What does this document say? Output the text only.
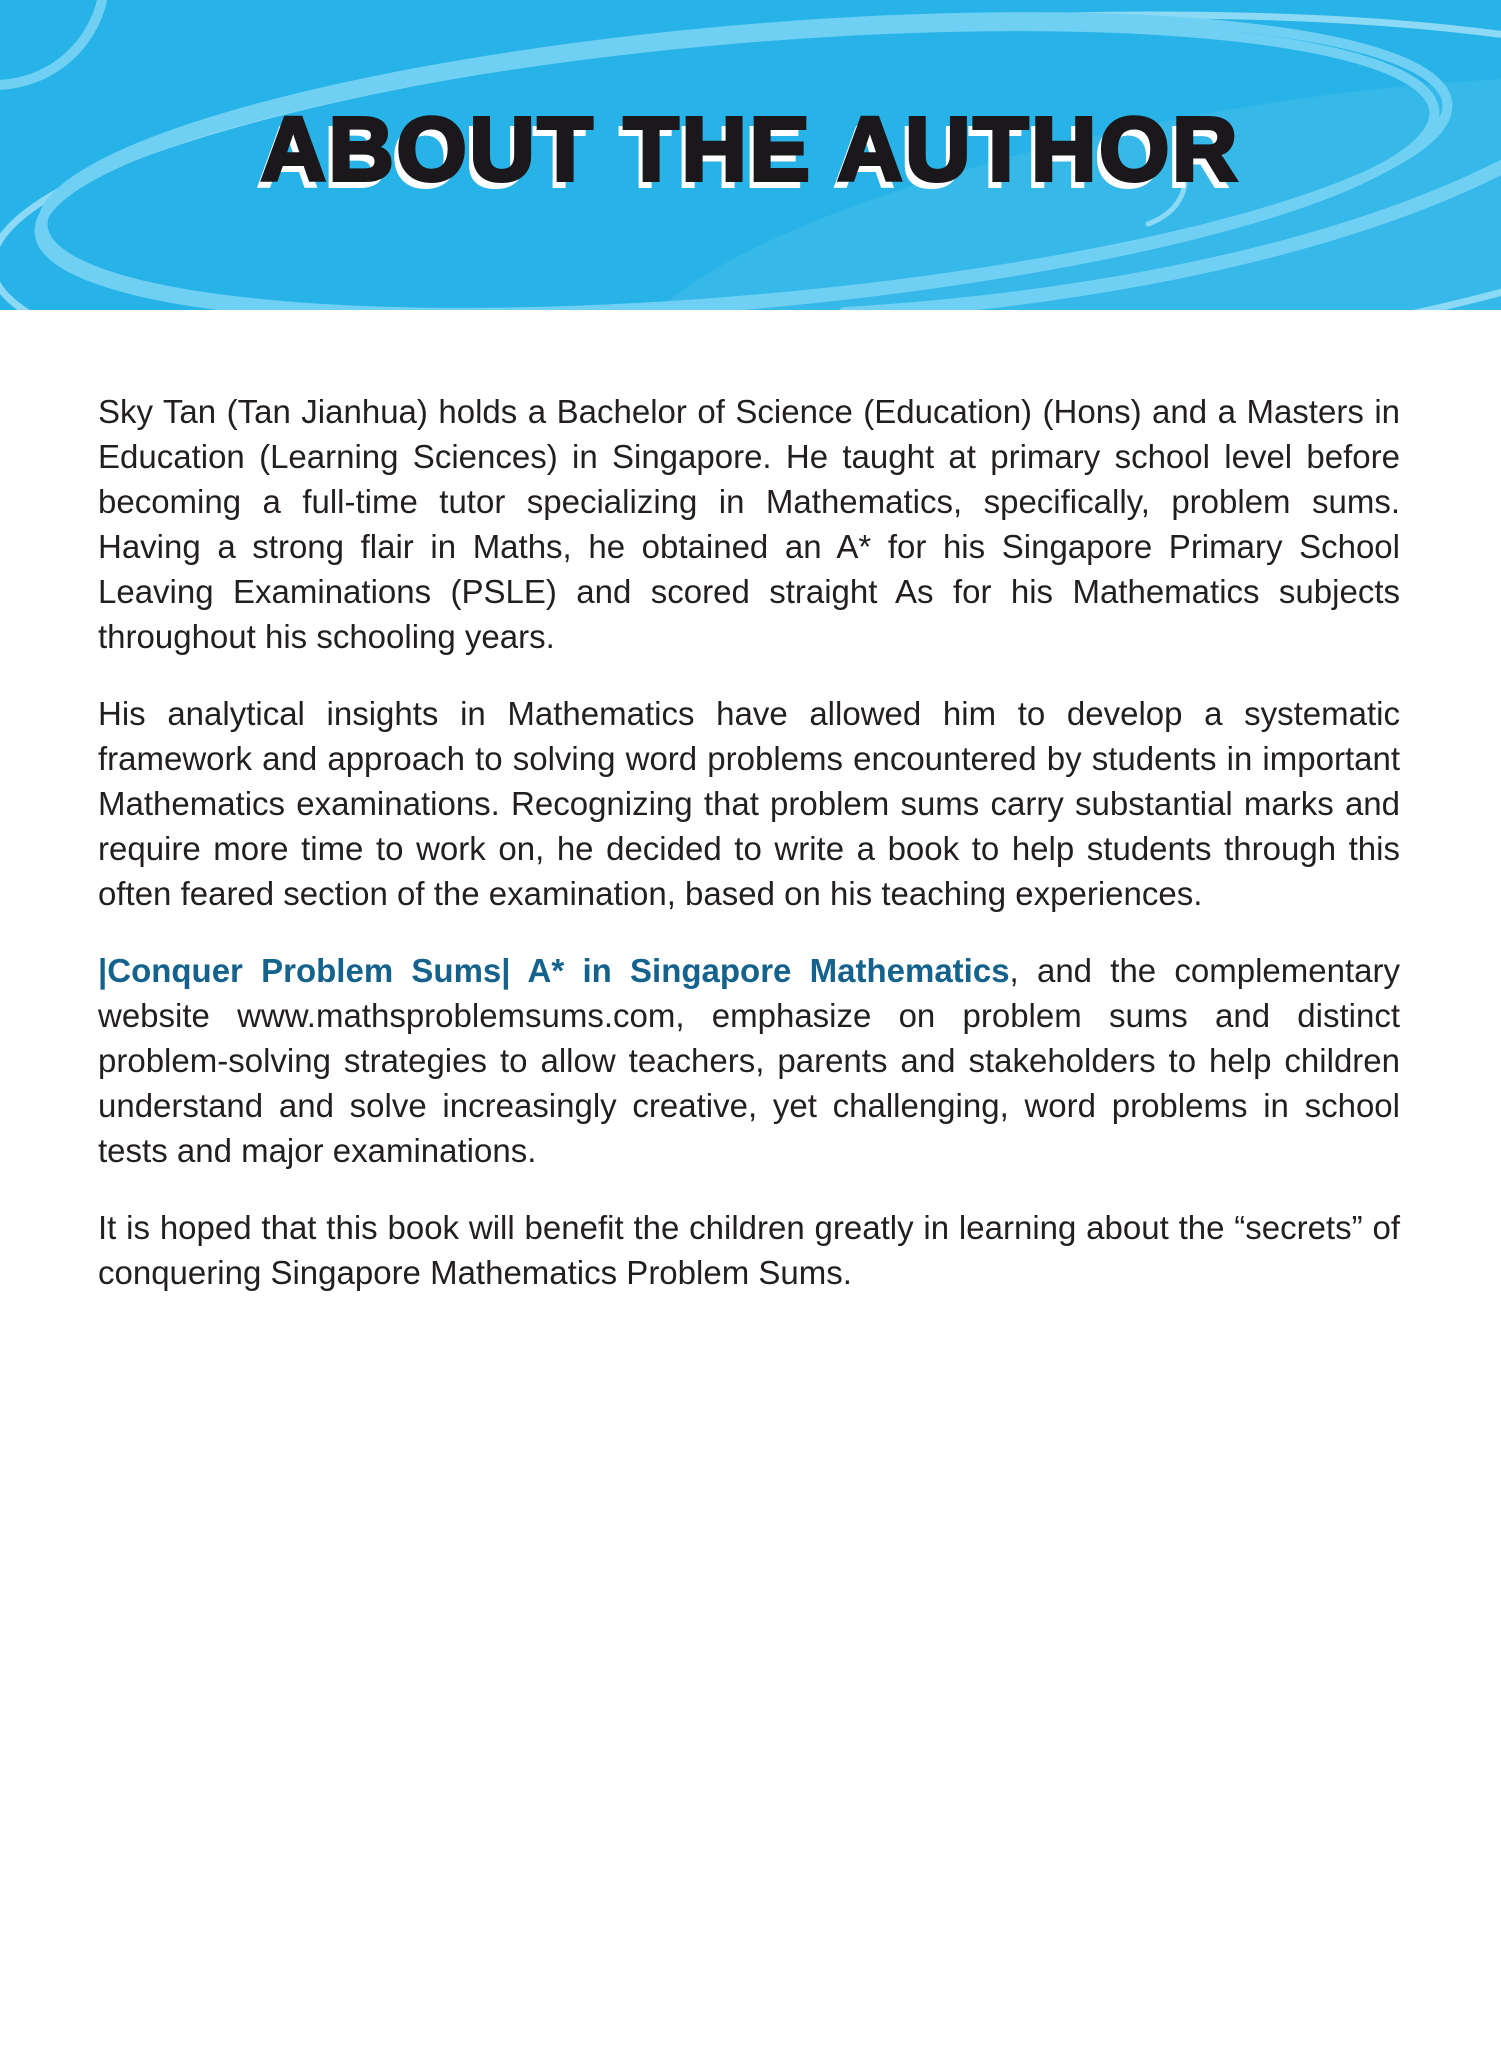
ABOUT THE AUTHOR

Sky Tan (Tan Jianhua) holds a Bachelor of Science (Education) (Hons) and a Masters in Education (Learning Sciences) in Singapore. He taught at primary school level before becoming a full-time tutor specializing in Mathematics, specifically, problem sums. Having a strong flair in Maths, he obtained an A* for his Singapore Primary School Leaving Examinations (PSLE) and scored straight As for his Mathematics subjects throughout his schooling years.

His analytical insights in Mathematics have allowed him to develop a systematic framework and approach to solving word problems encountered by students in important Mathematics examinations. Recognizing that problem sums carry substantial marks and require more time to work on, he decided to write a book to help students through this often feared section of the examination, based on his teaching experiences.

|Conquer Problem Sums| A* in Singapore Mathematics, and the complementary website www.mathsproblemsums.com, emphasize on problem sums and distinct problem-solving strategies to allow teachers, parents and stakeholders to help children understand and solve increasingly creative, yet challenging, word problems in school tests and major examinations.

It is hoped that this book will benefit the children greatly in learning about the “secrets” of conquering Singapore Mathematics Problem Sums.
